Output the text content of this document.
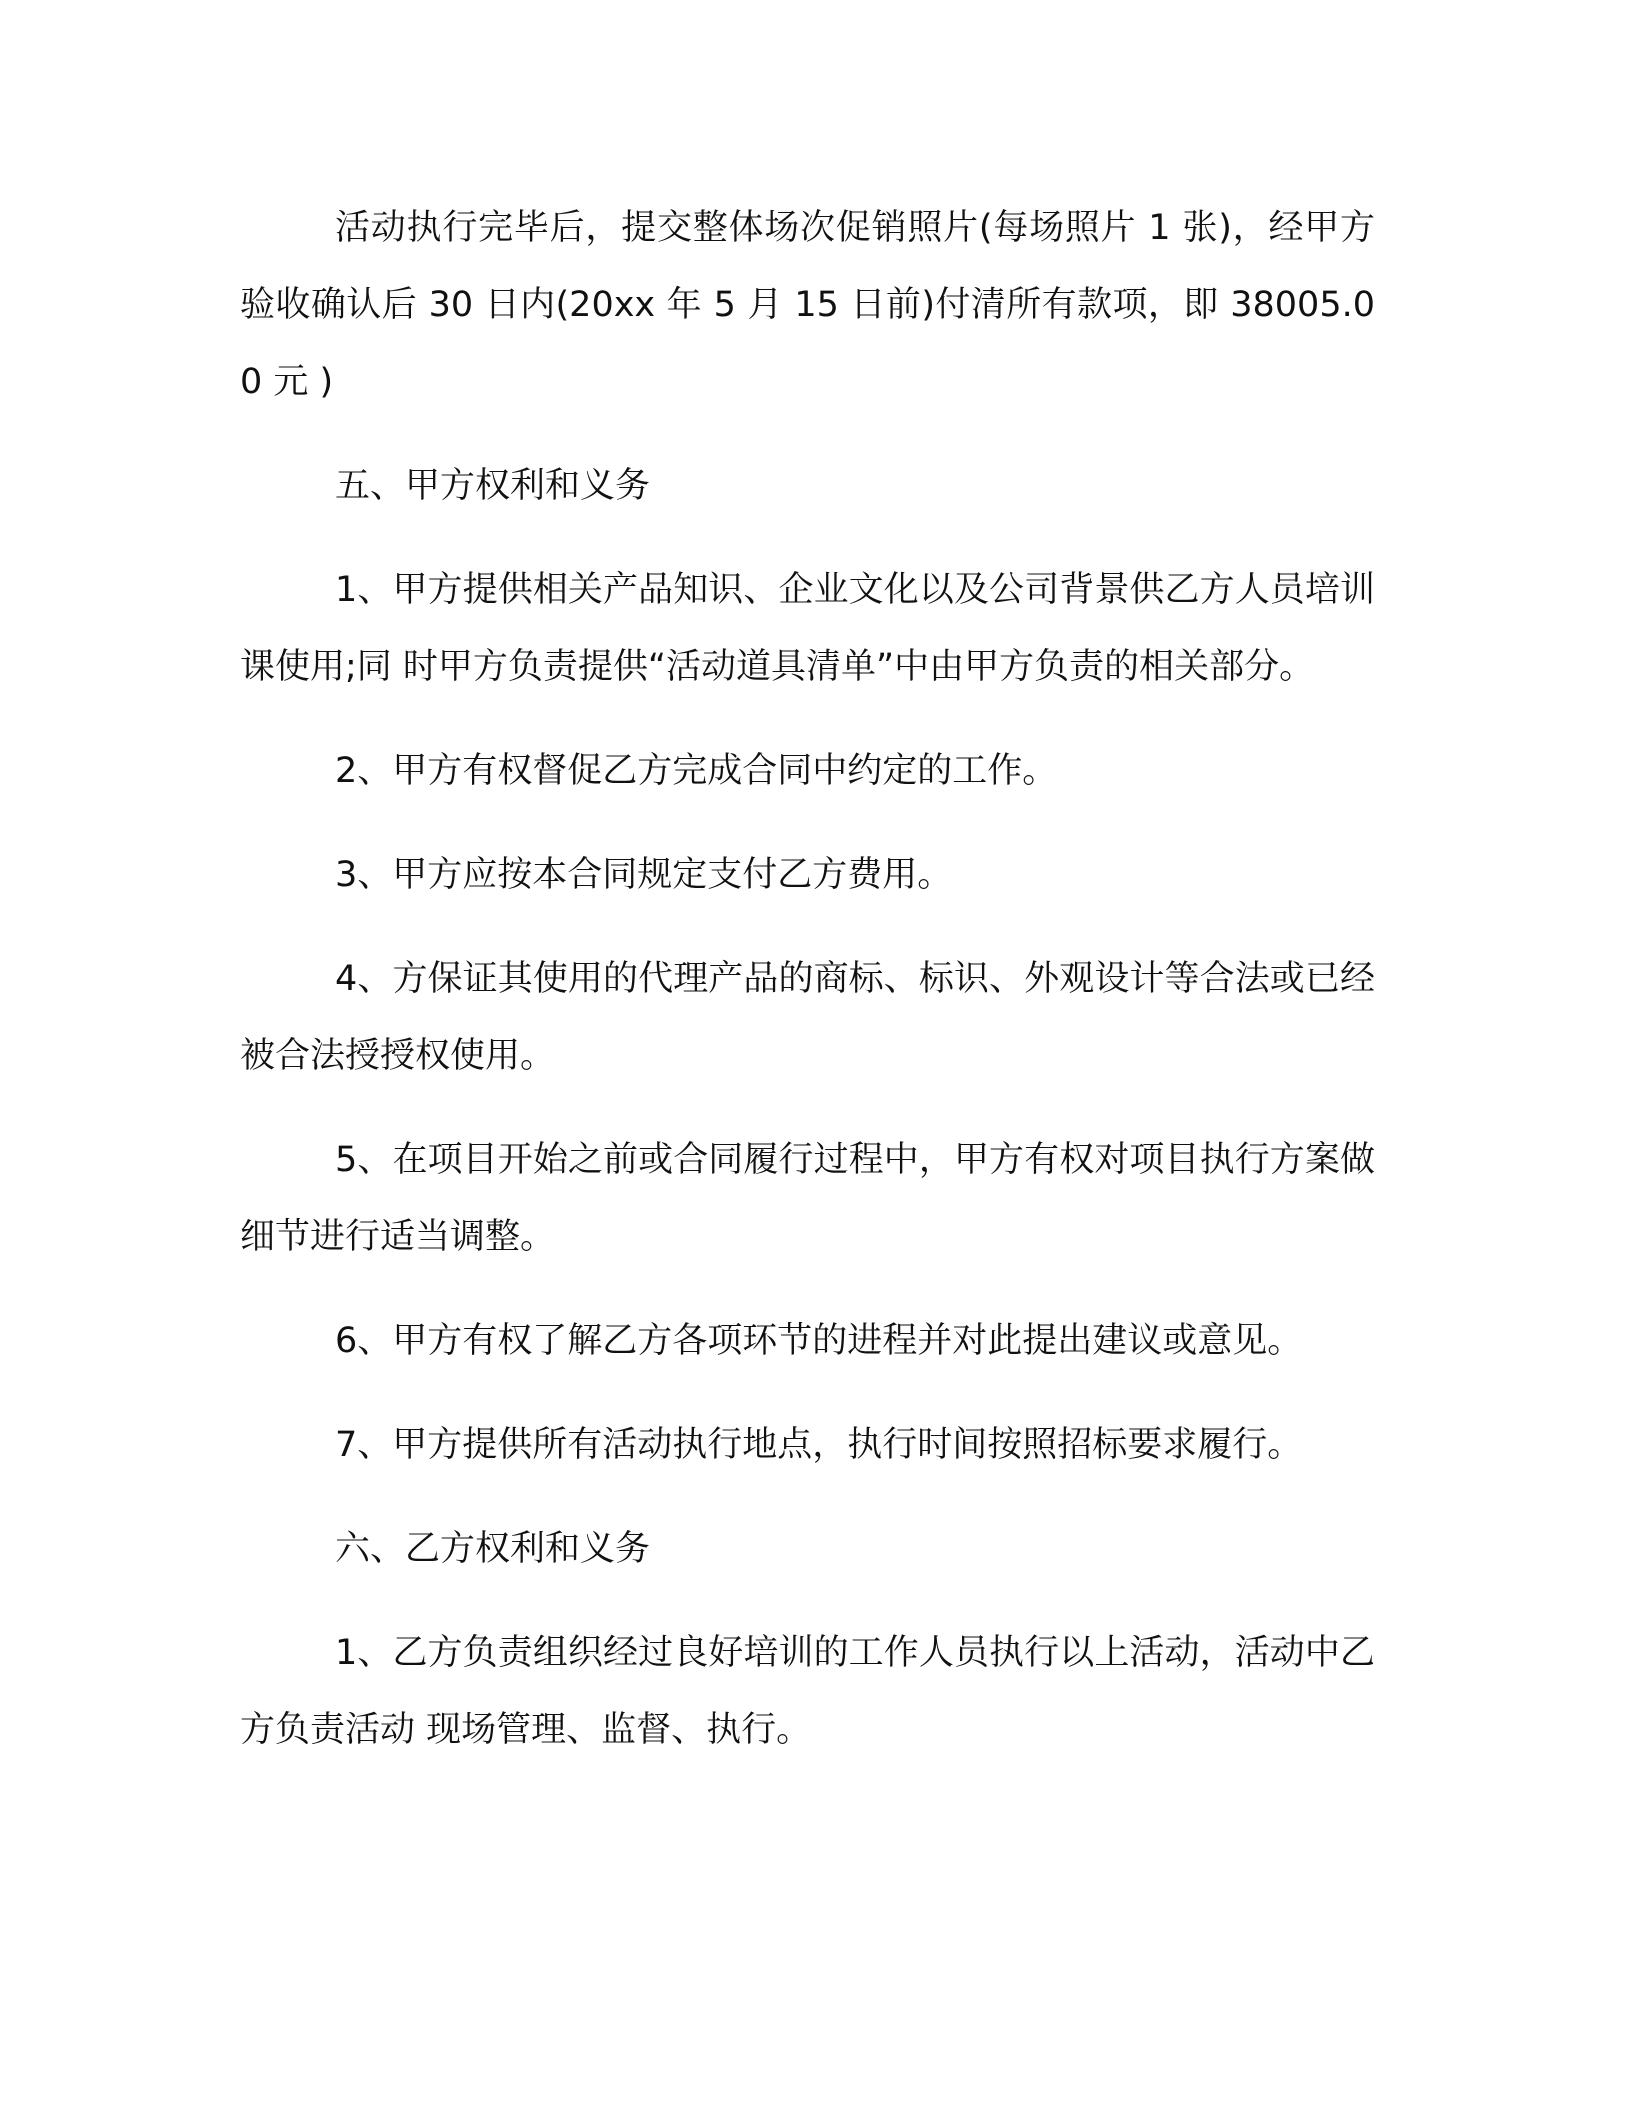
活动执行完毕后，提交整体场次促销照片(每场照片 1 张)，经甲方验收确认后 30 日内(20xx 年 5 月 15 日前)付清所有款项，即 38005.00 元 )

五、甲方权利和义务

1、甲方提供相关产品知识、企业文化以及公司背景供乙方人员培训课使用;同 时甲方负责提供“活动道具清单”中由甲方负责的相关部分。

2、甲方有权督促乙方完成合同中约定的工作。

3、甲方应按本合同规定支付乙方费用。

4、方保证其使用的代理产品的商标、标识、外观设计等合法或已经被合法授授权使用。

5、在项目开始之前或合同履行过程中，甲方有权对项目执行方案做细节进行适当调整。

6、甲方有权了解乙方各项环节的进程并对此提出建议或意见。

7、甲方提供所有活动执行地点，执行时间按照招标要求履行。

六、乙方权利和义务

1、乙方负责组织经过良好培训的工作人员执行以上活动，活动中乙方负责活动 现场管理、监督、执行。
